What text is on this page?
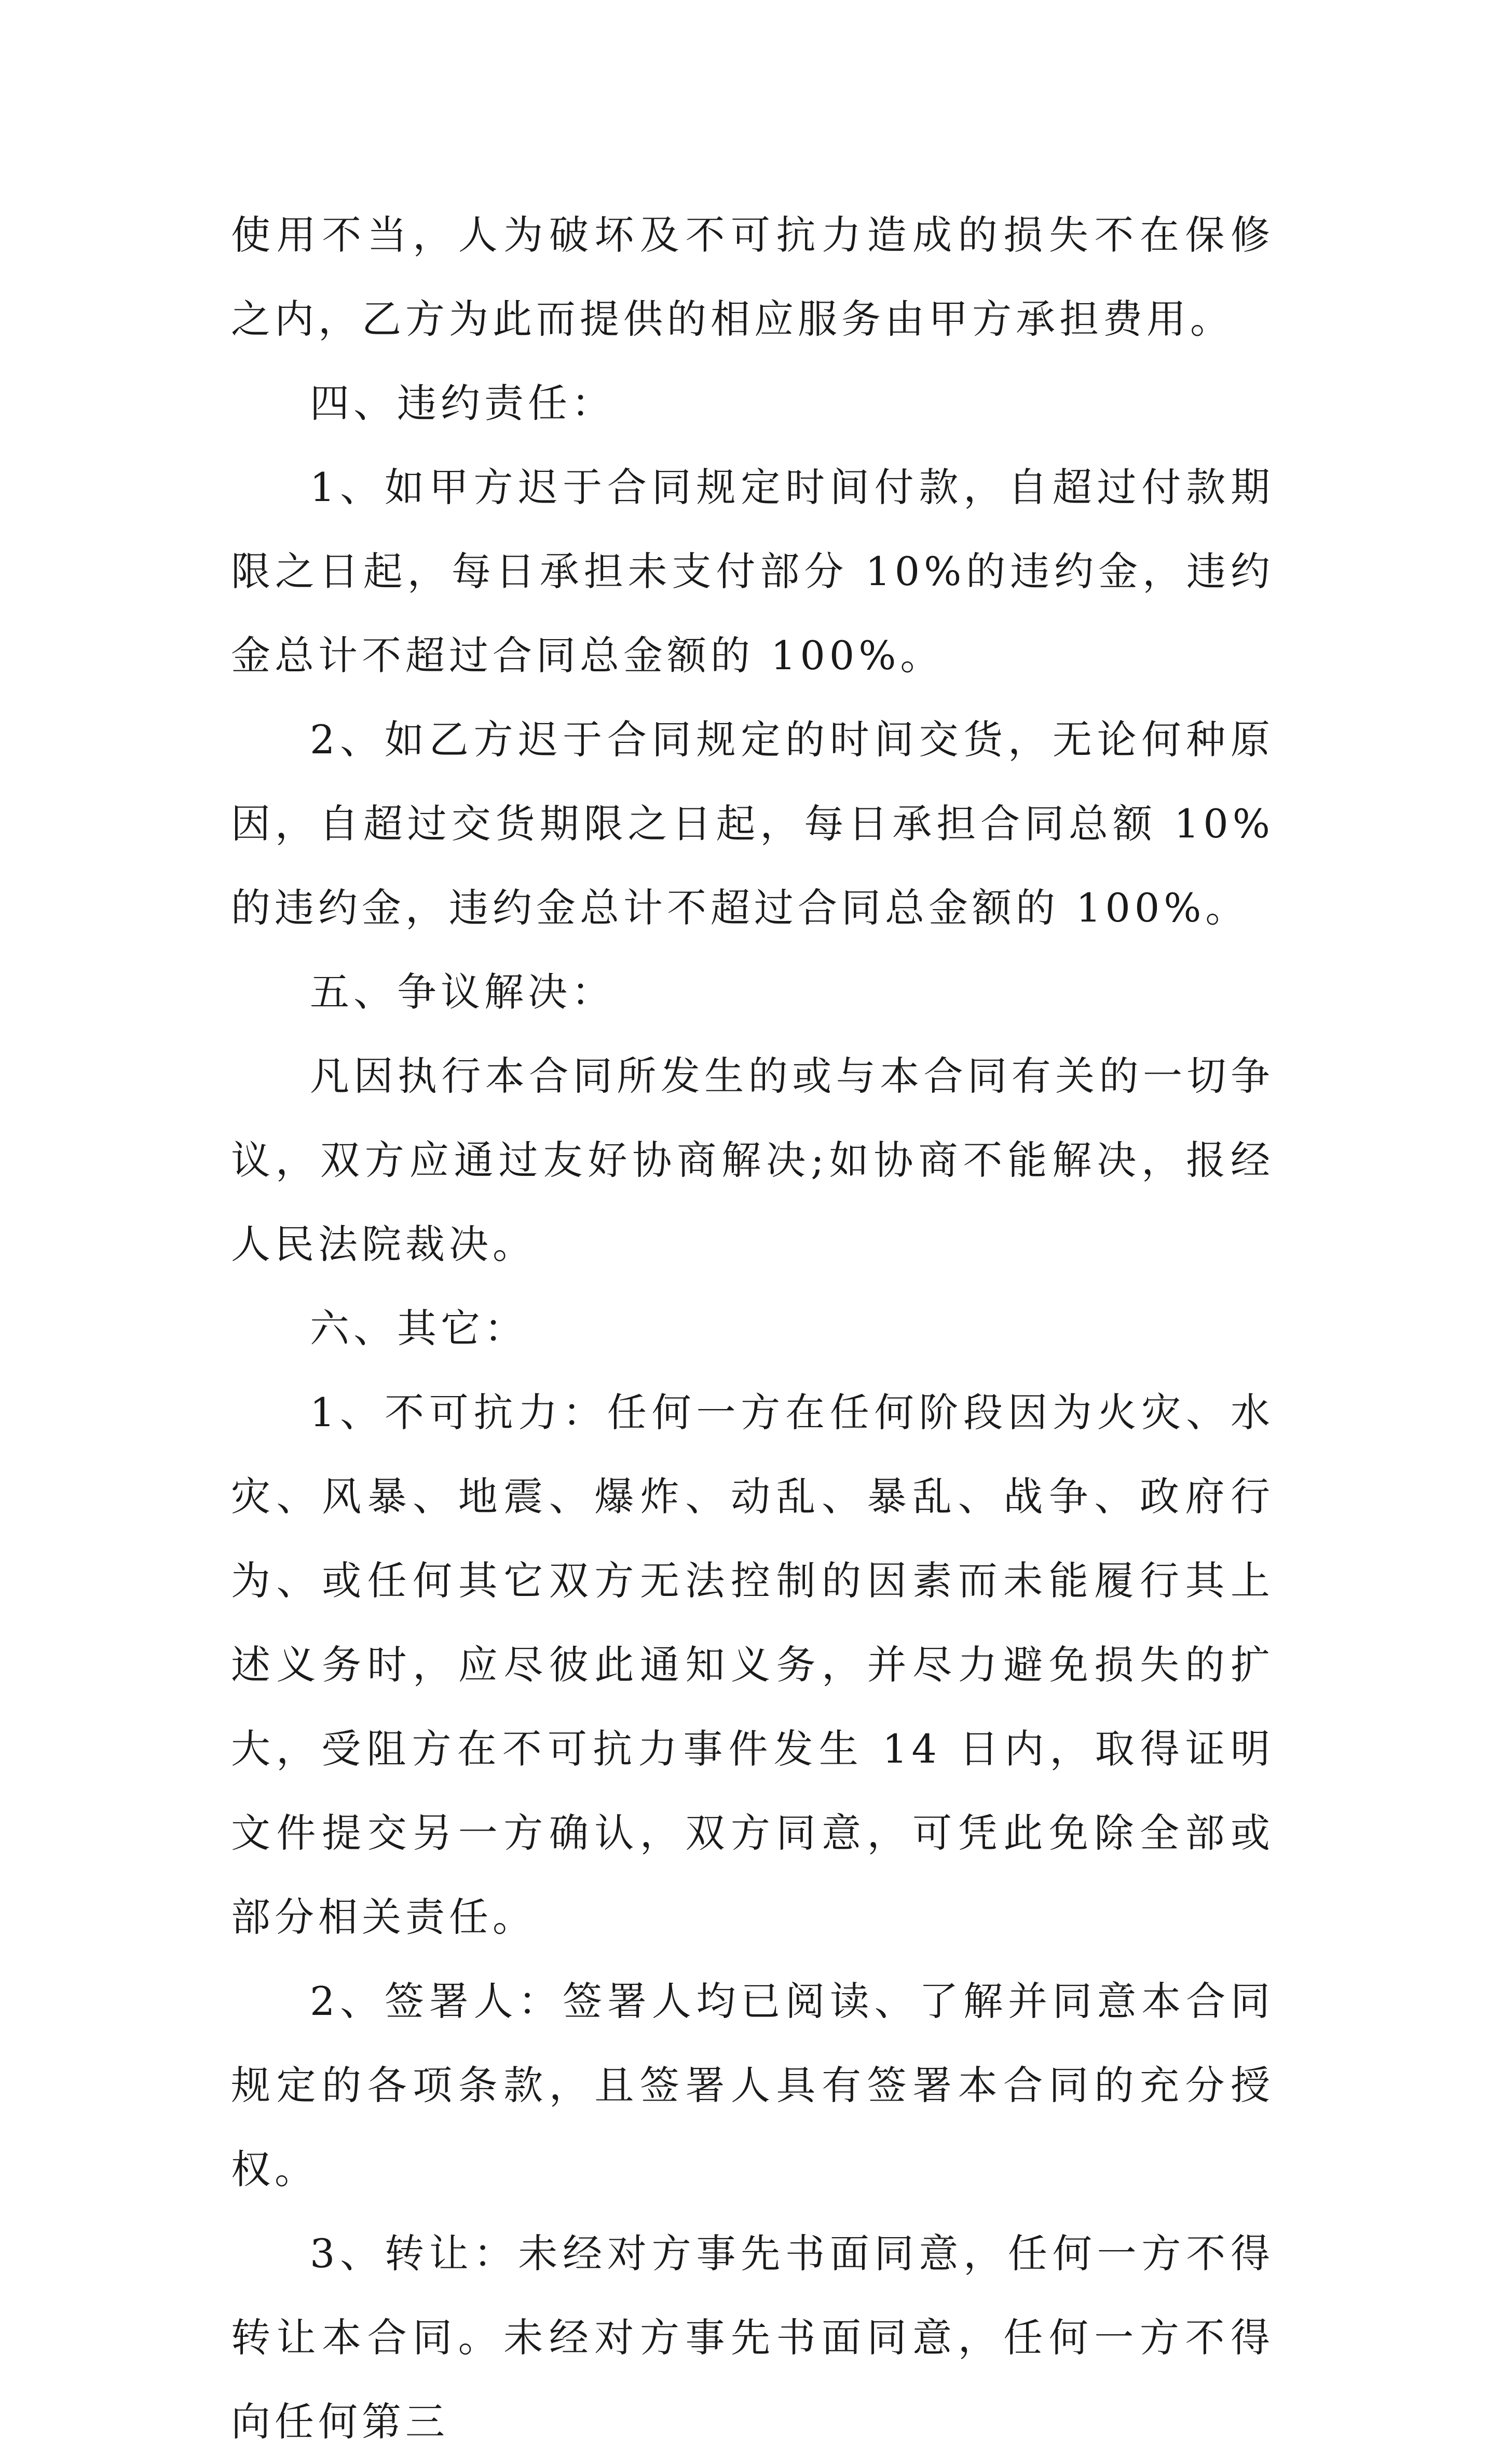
使用不当，人为破坏及不可抗力造成的损失不在保修之内，乙方为此而提供的相应服务由甲方承担费用。

四、违约责任：

1、如甲方迟于合同规定时间付款，自超过付款期限之日起，每日承担未支付部分 10%的违约金，违约金总计不超过合同总金额的 100%。

2、如乙方迟于合同规定的时间交货，无论何种原因，自超过交货期限之日起，每日承担合同总额 10%的违约金，违约金总计不超过合同总金额的 100%。

五、争议解决：

凡因执行本合同所发生的或与本合同有关的一切争议，双方应通过友好协商解决;如协商不能解决，报经人民法院裁决。

六、其它：

1、不可抗力：任何一方在任何阶段因为火灾、水灾、风暴、地震、爆炸、动乱、暴乱、战争、政府行为、或任何其它双方无法控制的因素而未能履行其上述义务时，应尽彼此通知义务，并尽力避免损失的扩大，受阻方在不可抗力事件发生 14 日内，取得证明文件提交另一方确认，双方同意，可凭此免除全部或部分相关责任。

2、签署人：签署人均已阅读、了解并同意本合同规定的各项条款，且签署人具有签署本合同的充分授权。

3、转让：未经对方事先书面同意，任何一方不得转让本合同。未经对方事先书面同意，任何一方不得向任何第三
